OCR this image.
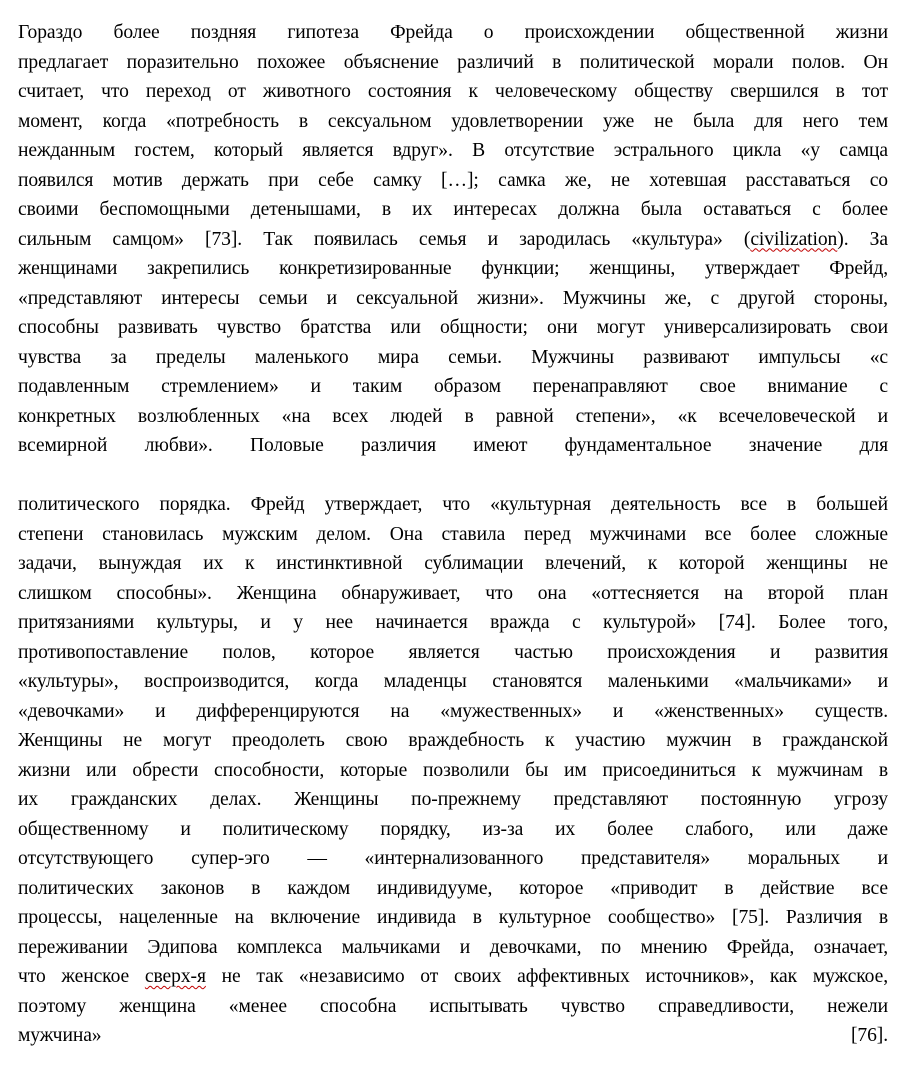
Гораздо более поздняя гипотеза Фрейда о происхождении общественной жизни
предлагает поразительно похожее объяснение различий в политической морали полов. Он
считает, что переход от животного состояния к человеческому обществу свершился в тот
момент, когда «потребность в сексуальном удовлетворении уже не была для него тем
нежданным гостем, который является вдруг». В отсутствие эстрального цикла «у самца
появился мотив держать при себе самку […]; самка же, не хотевшая расставаться со
своими беспомощными детенышами, в их интересах должна была оставаться с более
сильным самцом» [73]. Так появилась семья и зародилась «культура» (civilization). За
женщинами закрепились конкретизированные функции; женщины, утверждает Фрейд,
«представляют интересы семьи и сексуальной жизни». Мужчины же, с другой стороны,
способны развивать чувство братства или общности; они могут универсализировать свои
чувства за пределы маленького мира семьи. Мужчины развивают импульсы «с
подавленным стремлением» и таким образом перенаправляют свое внимание с
конкретных возлюбленных «на всех людей в равной степени», «к всечеловеческой и
всемирной любви». Половые различия имеют фундаментальное значение для
политического порядка. Фрейд утверждает, что «культурная деятельность все в большей
степени становилась мужским делом. Она ставила перед мужчинами все более сложные
задачи, вынуждая их к инстинктивной сублимации влечений, к которой женщины не
слишком способны». Женщина обнаруживает, что она «оттесняется на второй план
притязаниями культуры, и у нее начинается вражда с культурой» [74]. Более того,
противопоставление полов, которое является частью происхождения и развития
«культуры», воспроизводится, когда младенцы становятся маленькими «мальчиками» и
«девочками» и дифференцируются на «мужественных» и «женственных» существ.
Женщины не могут преодолеть свою враждебность к участию мужчин в гражданской
жизни или обрести способности, которые позволили бы им присоединиться к мужчинам в
их гражданских делах. Женщины по-прежнему представляют постоянную угрозу
общественному и политическому порядку, из-за их более слабого, или даже
отсутствующего супер-эго — «интернализованного представителя» моральных и
политических законов в каждом индивидууме, которое «приводит в действие все
процессы, нацеленные на включение индивида в культурное сообщество» [75]. Различия в
переживании Эдипова комплекса мальчиками и девочками, по мнению Фрейда, означает,
что женское сверх-я не так «независимо от своих аффективных источников», как мужское,
поэтому женщина «менее способна испытывать чувство справедливости, нежели
мужчина»	[76].
